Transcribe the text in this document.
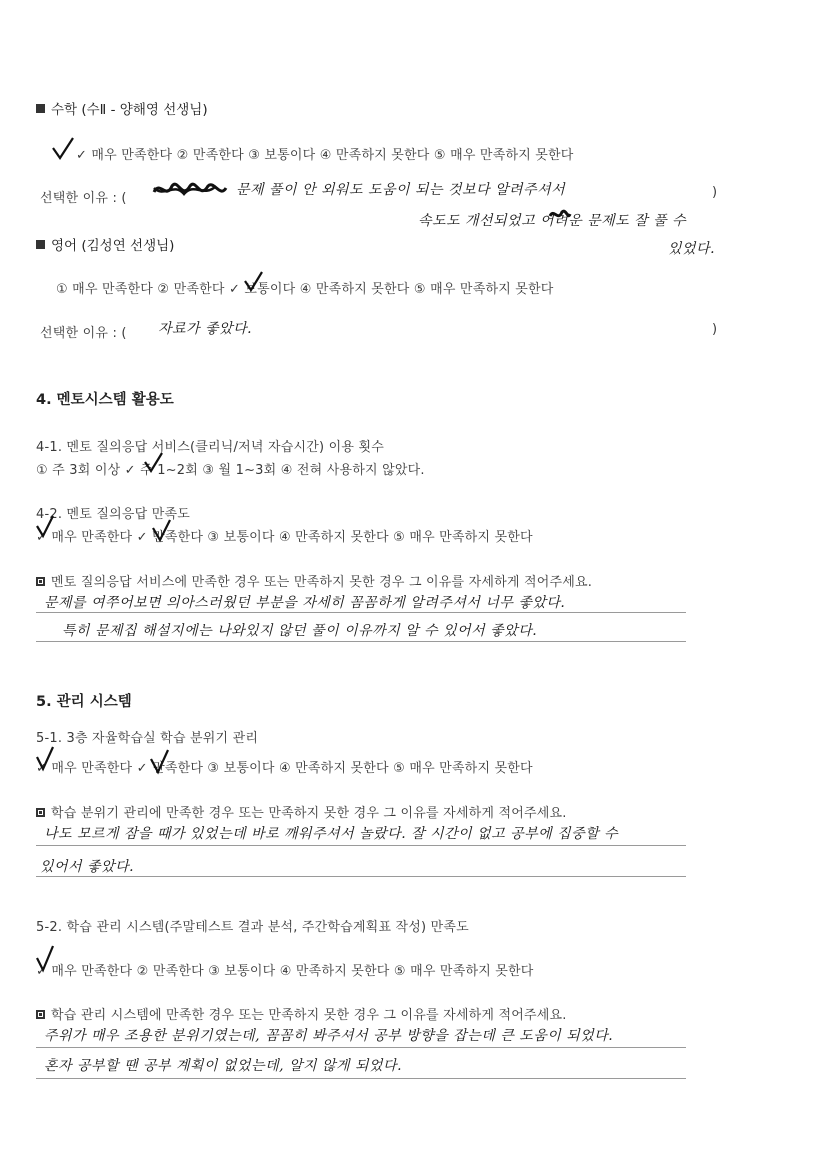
수학 (수Ⅱ - 양해영 선생님)
✓ 매우 만족한다 ② 만족한다 ③ 보통이다 ④ 만족하지 못한다 ⑤ 매우 만족하지 못한다
선택한 이유 : (
문제 풀이 안 외워도 도움이 되는 것보다 알려주셔서	)
속도도 개선되었고 어려운 문제도 잘 풀 수
있었다.
영어 (김성연 선생님)
① 매우 만족한다 ② 만족한다 ✓ 보통이다 ④ 만족하지 못한다 ⑤ 매우 만족하지 못한다
선택한 이유 : ( 자료가 좋았다.	)
4. 멘토시스템 활용도
4-1. 멘토 질의응답 서비스(클리닉/저녁 자습시간) 이용 횟수
① 주 3회 이상 ✓ 주 1~2회 ③ 월 1~3회 ④ 전혀 사용하지 않았다.
4-2. 멘토 질의응답 만족도
✓ 매우 만족한다 ✓ 만족한다 ③ 보통이다 ④ 만족하지 못한다 ⑤ 매우 만족하지 못한다
멘토 질의응답 서비스에 만족한 경우 또는 만족하지 못한 경우 그 이유를 자세하게 적어주세요.
문제를 여쭈어보면 의아스러웠던 부분을 자세히 꼼꼼하게 알려주셔서 너무 좋았다.
특히 문제집 해설지에는 나와있지 않던 풀이 이유까지 알 수 있어서 좋았다.
5. 관리 시스템
5-1. 3층 자율학습실 학습 분위기 관리
✓ 매우 만족한다 ✓ 만족한다 ③ 보통이다 ④ 만족하지 못한다 ⑤ 매우 만족하지 못한다
학습 분위기 관리에 만족한 경우 또는 만족하지 못한 경우 그 이유를 자세하게 적어주세요.
나도 모르게 잠을 때가 있었는데 바로 깨워주셔서 놀랐다. 잘 시간이 없고 공부에 집중할 수
있어서 좋았다.
5-2. 학습 관리 시스템(주말테스트 결과 분석, 주간학습계획표 작성) 만족도
✓ 매우 만족한다 ② 만족한다 ③ 보통이다 ④ 만족하지 못한다 ⑤ 매우 만족하지 못한다
학습 관리 시스템에 만족한 경우 또는 만족하지 못한 경우 그 이유를 자세하게 적어주세요.
주위가 매우 조용한 분위기였는데, 꼼꼼히 봐주셔서 공부 방향을 잡는데 큰 도움이 되었다.
혼자 공부할 땐 공부 계획이 없었는데, 알지 않게 되었다.
